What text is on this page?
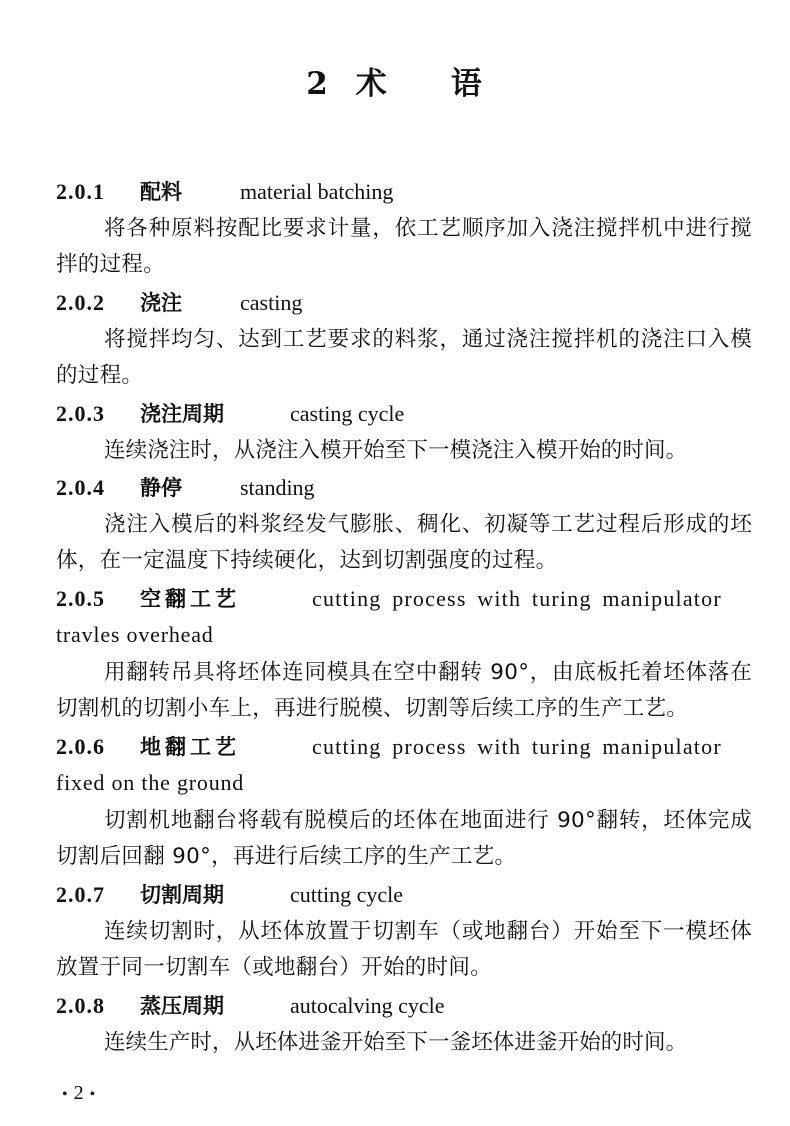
2 术 语
2.0.1 配料	material batching
将各种原料按配比要求计量，依工艺顺序加入浇注搅拌机中进行搅拌的过程。
2.0.2 浇注	casting
将搅拌均匀、达到工艺要求的料浆，通过浇注搅拌机的浇注口入模的过程。
2.0.3 浇注周期	casting cycle
连续浇注时，从浇注入模开始至下一模浇注入模开始的时间。
2.0.4 静停	standing
浇注入模后的料浆经发气膨胀、稠化、初凝等工艺过程后形成的坯体，在一定温度下持续硬化，达到切割强度的过程。
2.0.5	空翻工艺	cutting process with turing manipulator
travles overhead
用翻转吊具将坯体连同模具在空中翻转 90°，由底板托着坯体落在切割机的切割小车上，再进行脱模、切割等后续工序的生产工艺。
2.0.6	地翻工艺	cutting process with turing manipulator
fixed on the ground
切割机地翻台将载有脱模后的坯体在地面进行 90°翻转，坯体完成切割后回翻 90°，再进行后续工序的生产工艺。
2.0.7 切割周期	cutting cycle
连续切割时，从坯体放置于切割车（或地翻台）开始至下一模坯体放置于同一切割车（或地翻台）开始的时间。
2.0.8 蒸压周期	autocalving cycle
连续生产时，从坯体进釜开始至下一釜坯体进釜开始的时间。
• 2 •
